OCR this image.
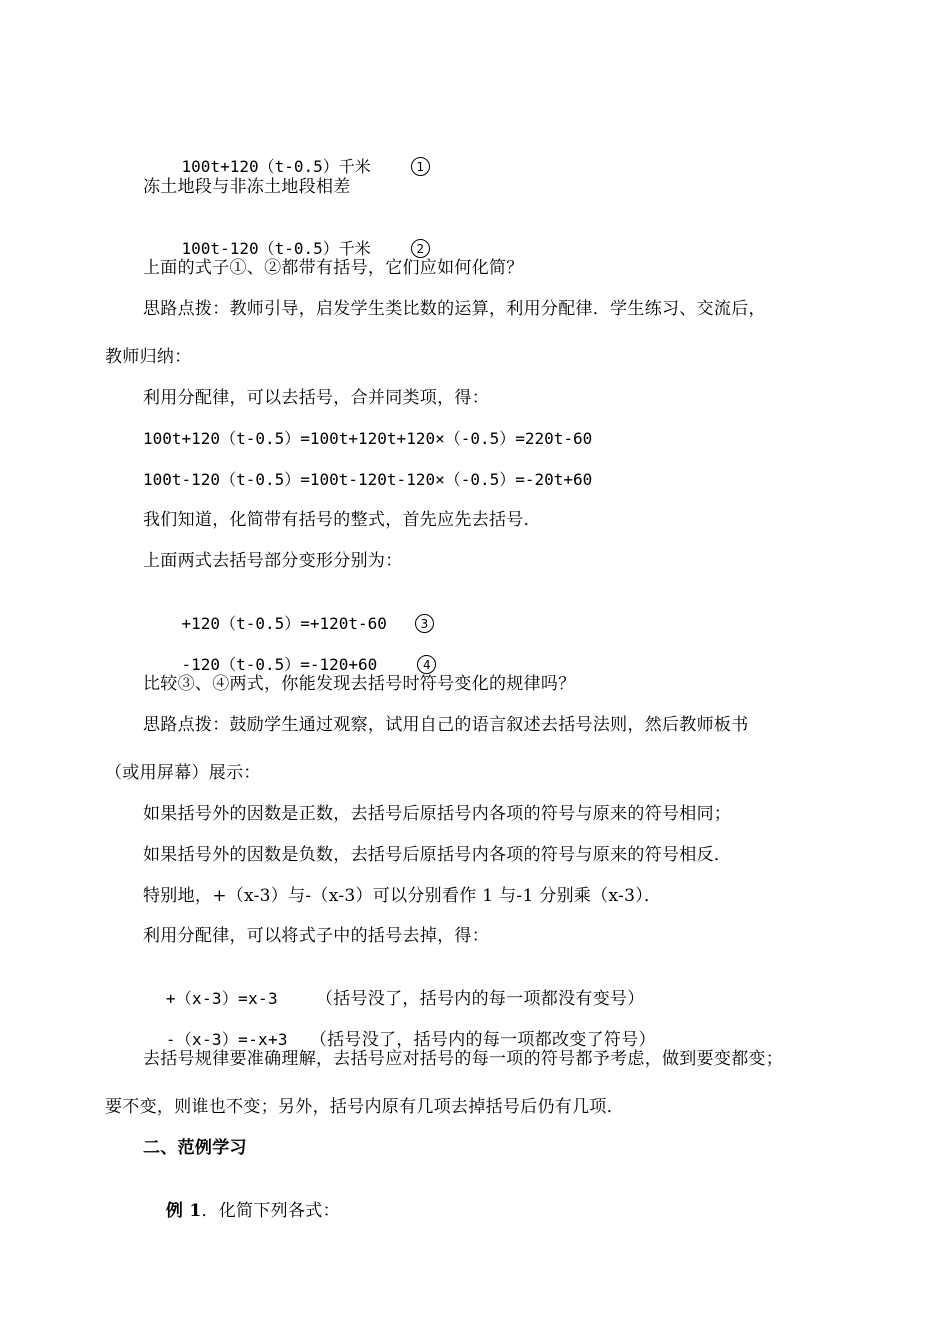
100t+120（t-0.5）千米	1

冻土地段与非冻土地段相差

100t-120（t-0.5）千米	2

上面的式子①、②都带有括号，它们应如何化简？
思路点拨：教师引导，启发学生类比数的运算，利用分配律．学生练习、交流后，
教师归纳：
利用分配律，可以去括号，合并同类项，得：
100t+120（t-0.5）=100t+120t+120×（-0.5）=220t-60
100t-120（t-0.5）=100t-120t-120×（-0.5）=-20t+60
我们知道，化简带有括号的整式，首先应先去括号．
上面两式去括号部分变形分别为：

+120（t-0.5）=+120t-60	3

-120（t-0.5）=-120+60	4

比较③、④两式，你能发现去括号时符号变化的规律吗？
思路点拨：鼓励学生通过观察，试用自己的语言叙述去括号法则，然后教师板书
（或用屏幕）展示：
如果括号外的因数是正数，去括号后原括号内各项的符号与原来的符号相同；
如果括号外的因数是负数，去括号后原括号内各项的符号与原来的符号相反．
特别地，+（x-3）与-（x-3）可以分别看作 1 与-1 分别乘（x-3）．
利用分配律，可以将式子中的括号去掉，得：

+（x-3）=x-3 （括号没了，括号内的每一项都没有变号）

-（x-3）=-x+3 （括号没了，括号内的每一项都改变了符号）

去括号规律要准确理解，去括号应对括号的每一项的符号都予考虑，做到要变都变；
要不变，则谁也不变；另外，括号内原有几项去掉括号后仍有几项．
二、范例学习

例 1．化简下列各式：
